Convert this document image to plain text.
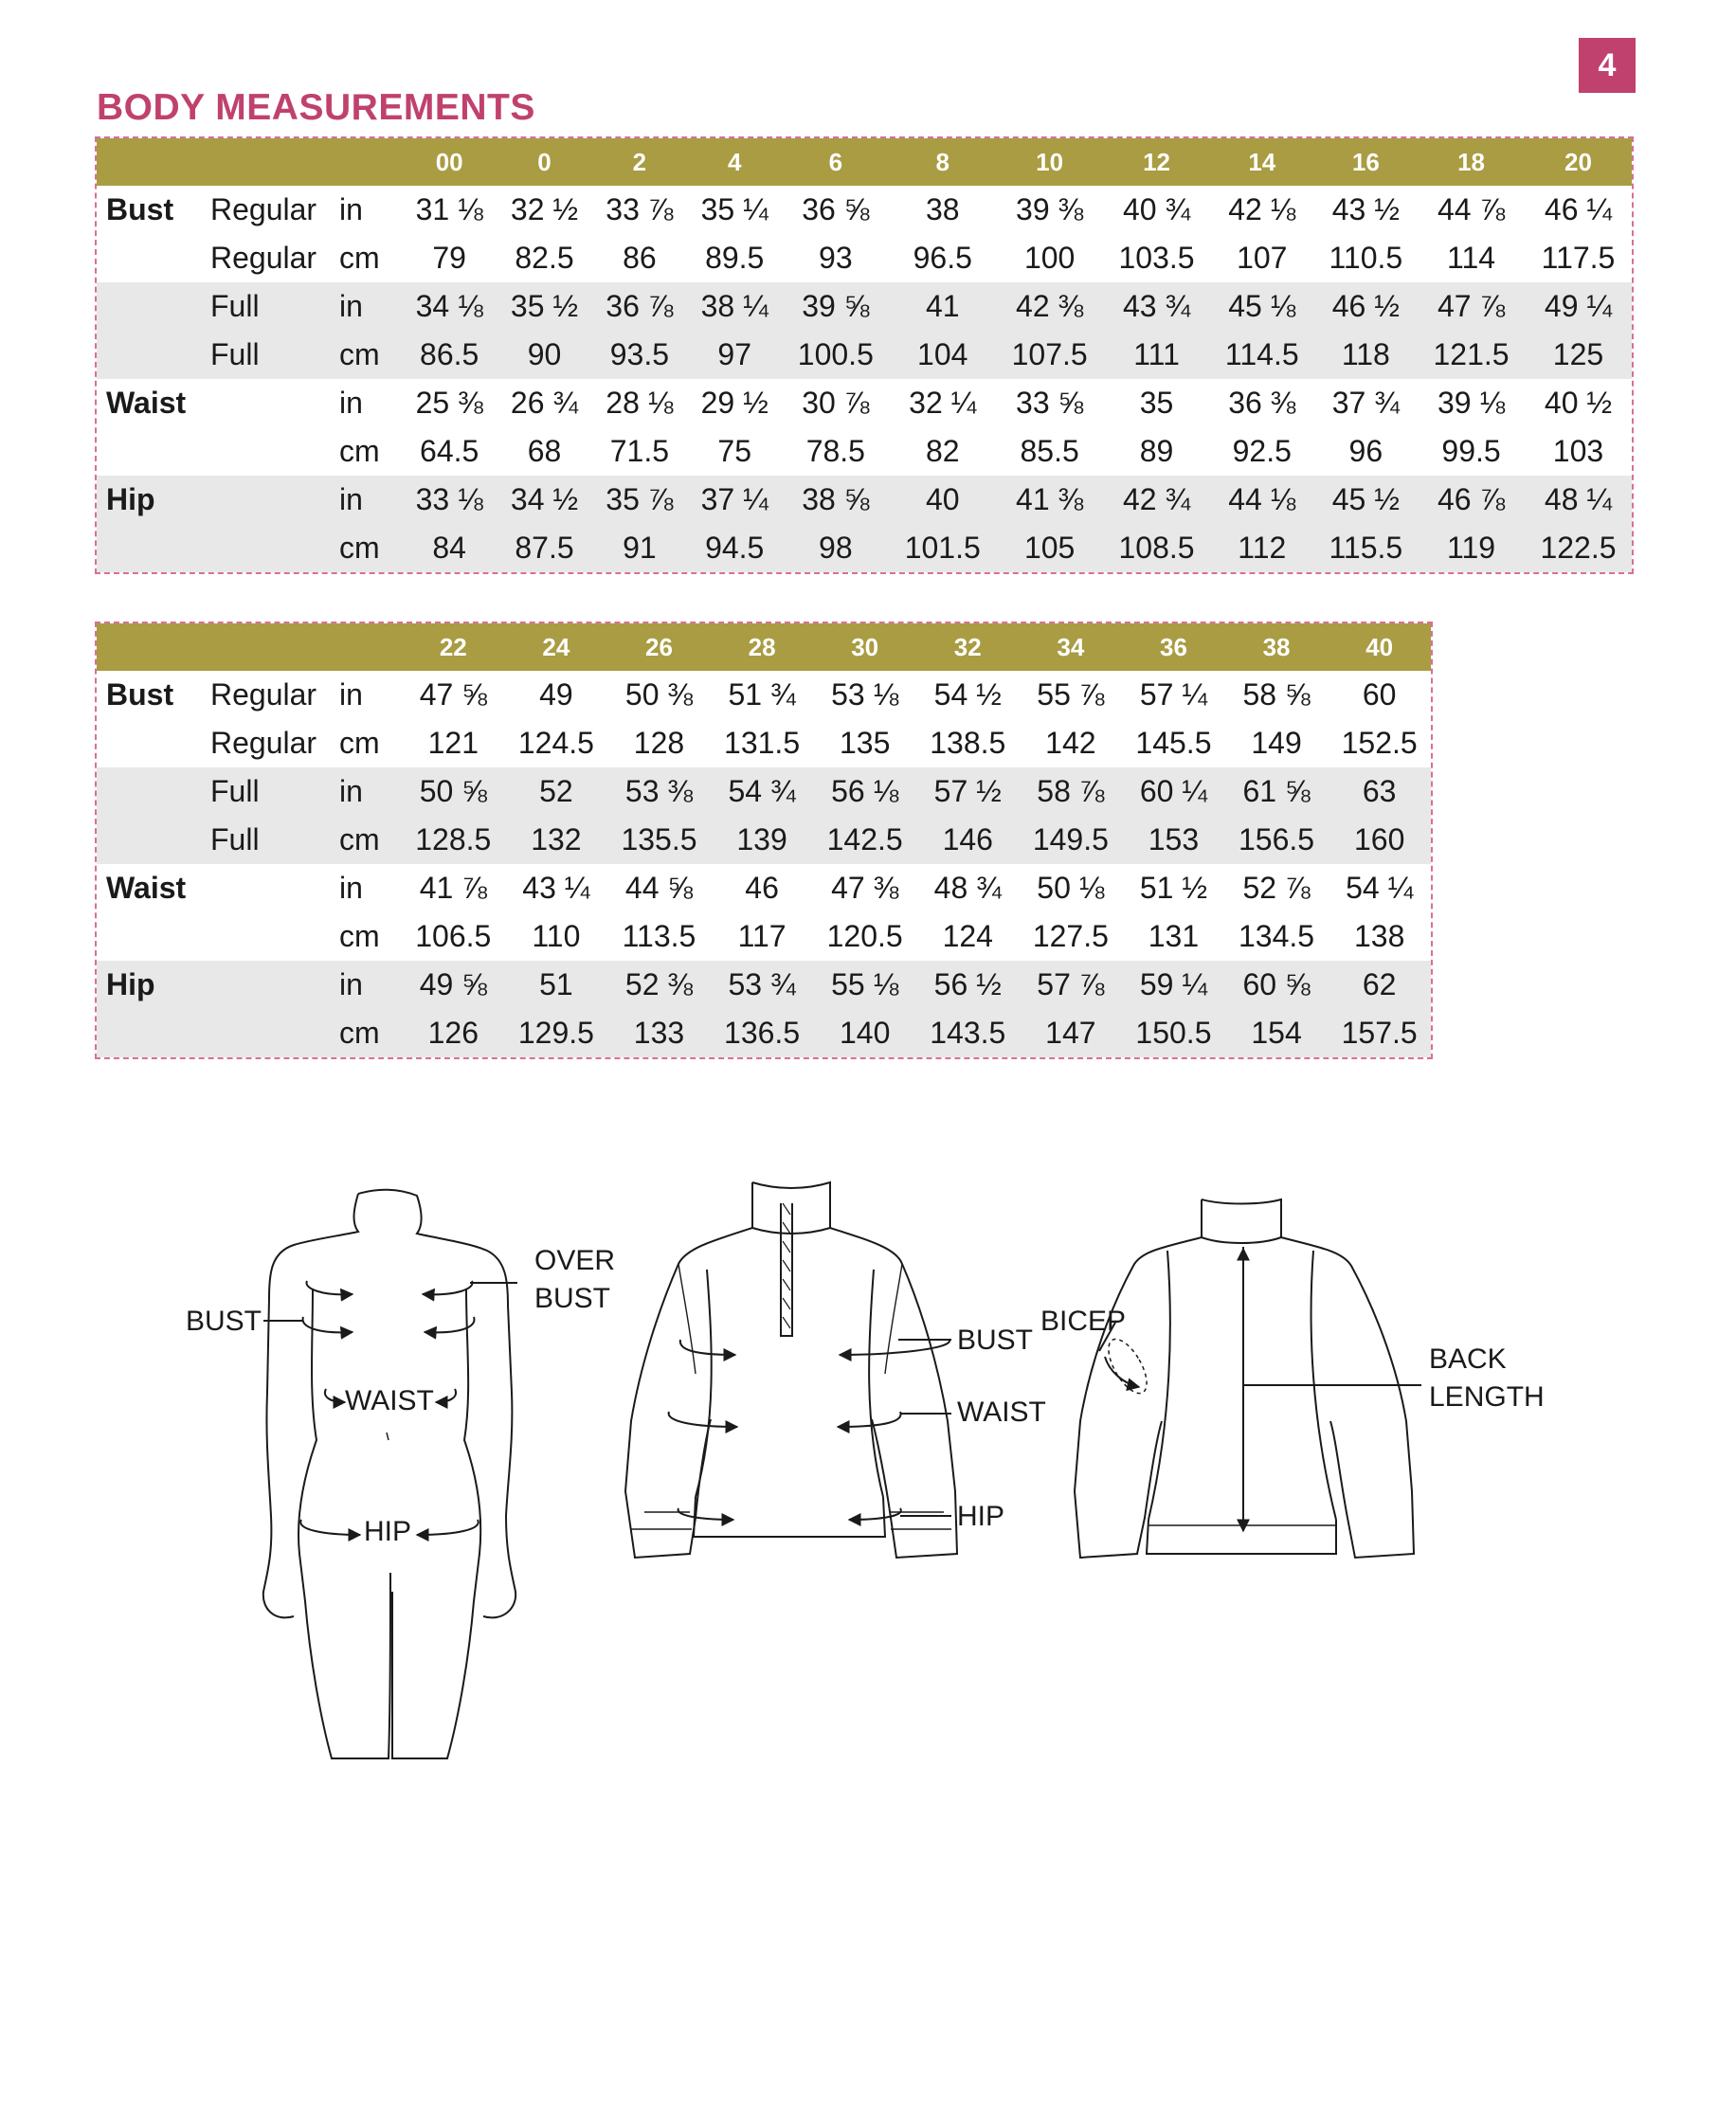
4
BODY MEASUREMENTS
			00	0	2	4	6	8	10	12	14	16	18	20
Bust	Regular	in	31 ⅛	32 ½	33 ⅞	35 ¼	36 ⅝	38	39 ⅜	40 ¾	42 ⅛	43 ½	44 ⅞	46 ¼
	Regular	cm	79	82.5	86	89.5	93	96.5	100	103.5	107	110.5	114	117.5
	Full	in	34 ⅛	35 ½	36 ⅞	38 ¼	39 ⅝	41	42 ⅜	43 ¾	45 ⅛	46 ½	47 ⅞	49 ¼
	Full	cm	86.5	90	93.5	97	100.5	104	107.5	111	114.5	118	121.5	125
Waist		in	25 ⅜	26 ¾	28 ⅛	29 ½	30 ⅞	32 ¼	33 ⅝	35	36 ⅜	37 ¾	39 ⅛	40 ½
		cm	64.5	68	71.5	75	78.5	82	85.5	89	92.5	96	99.5	103
Hip		in	33 ⅛	34 ½	35 ⅞	37 ¼	38 ⅝	40	41 ⅜	42 ¾	44 ⅛	45 ½	46 ⅞	48 ¼
		cm	84	87.5	91	94.5	98	101.5	105	108.5	112	115.5	119	122.5
			22	24	26	28	30	32	34	36	38	40
Bust	Regular	in	47 ⅝	49	50 ⅜	51 ¾	53 ⅛	54 ½	55 ⅞	57 ¼	58 ⅝	60
	Regular	cm	121	124.5	128	131.5	135	138.5	142	145.5	149	152.5
	Full	in	50 ⅝	52	53 ⅜	54 ¾	56 ⅛	57 ½	58 ⅞	60 ¼	61 ⅝	63
	Full	cm	128.5	132	135.5	139	142.5	146	149.5	153	156.5	160
Waist		in	41 ⅞	43 ¼	44 ⅝	46	47 ⅜	48 ¾	50 ⅛	51 ½	52 ⅞	54 ¼
		cm	106.5	110	113.5	117	120.5	124	127.5	131	134.5	138
Hip		in	49 ⅝	51	52 ⅜	53 ¾	55 ⅛	56 ½	57 ⅞	59 ¼	60 ⅝	62
		cm	126	129.5	133	136.5	140	143.5	147	150.5	154	157.5
BUST
OVER
BUST
WAIST
HIP
BUST
WAIST
HIP
BICEP
BACK
LENGTH
